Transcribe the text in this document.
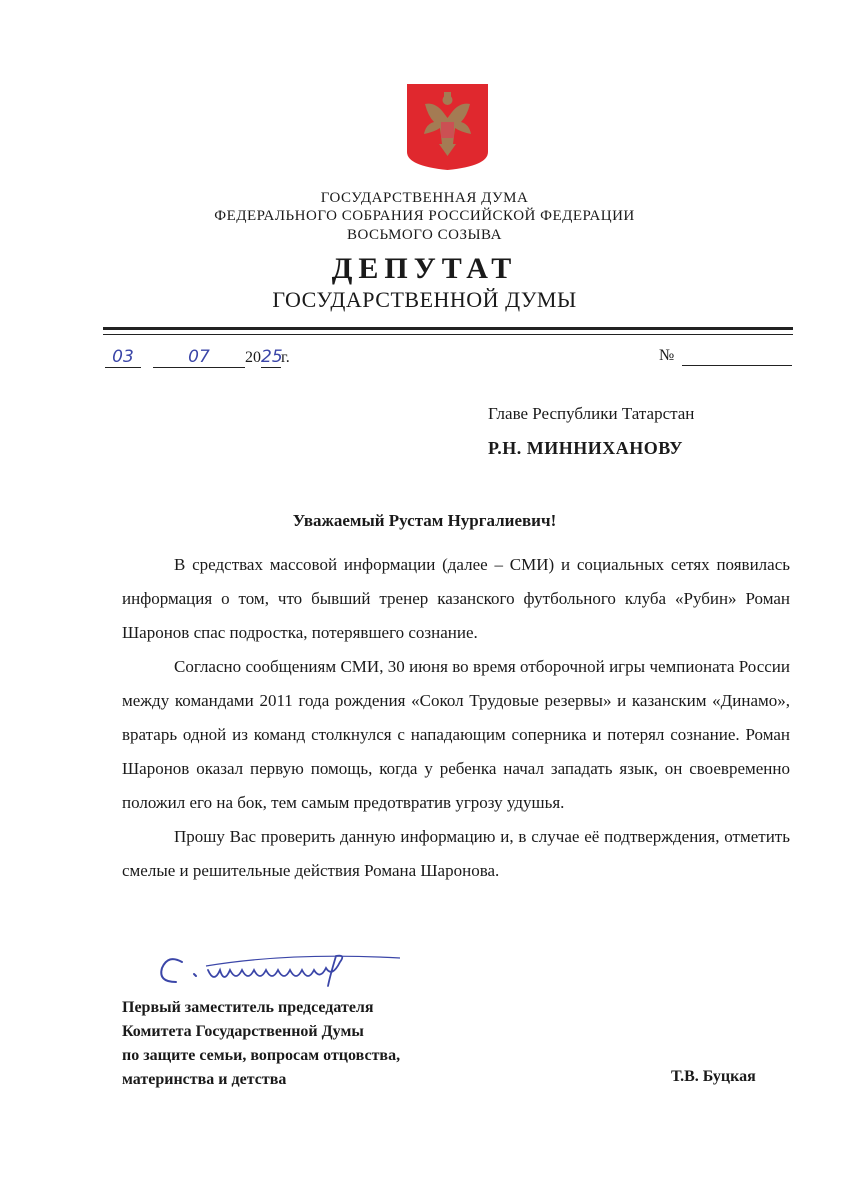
ГОСУДАРСТВЕННАЯ ДУМА
ФЕДЕРАЛЬНОГО СОБРАНИЯ РОССИЙСКОЙ ФЕДЕРАЦИИ
ВОСЬМОГО СОЗЫВА
ДЕПУТАТ
ГОСУДАРСТВЕННОЙ ДУМЫ
03	07 2025г.	№
Главе Республики Татарстан
Р.Н. МИННИХАНОВУ
Уважаемый Рустам Нургалиевич!

В средствах массовой информации (далее – СМИ) и социальных сетях появилась информация о том, что бывший тренер казанского футбольного клуба «Рубин» Роман Шаронов спас подростка, потерявшего сознание.

Согласно сообщениям СМИ, 30 июня во время отборочной игры чемпионата России между командами 2011 года рождения «Сокол Трудовые резервы» и казанским «Динамо», вратарь одной из команд столкнулся с нападающим соперника и потерял сознание. Роман Шаронов оказал первую помощь, когда у ребенка начал западать язык, он своевременно положил его на бок, тем самым предотвратив угрозу удушья.

Прошу Вас проверить данную информацию и, в случае её подтверждения, отметить смелые и решительные действия Романа Шаронова.

Первый заместитель председателя
Комитета Государственной Думы
по защите семьи, вопросам отцовства,
материнства и детства	Т.В. Буцкая
